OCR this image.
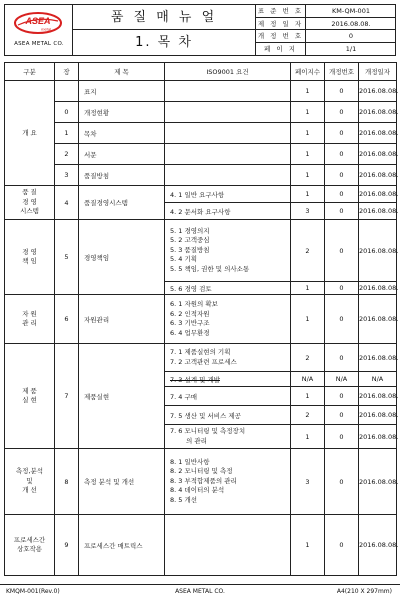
ASEA
metal
ASEA METAL CO.
품 질 매 뉴 얼
1. 목 차
표 준 번 호	KM-QM-001
제 정 일 자	2016.08.08.
개 정 번 호	0
페 이 지	1/1
구분	장	제 목	ISO9001 요건	페이지수	개정번호	개정일자
개 요		표지		1	0	2016.08.08.
	0	개정현황		1	0	2016.08.08.
	1	목차		1	0	2016.08.08.
	2	서문		1	0	2016.08.08.
	3	품질방침		1	0	2016.08.08.

품 질
경 영
시스템	4	품질경영시스템	4. 1 일반 요구사항	1	0	2016.08.08.
			4. 2 문서화 요구사항	3	0	2016.08.08.

경 영
책 임	5	경영책임	5. 1 경영의지
5. 2 고객중심
5. 3 품질방침
5. 4 기획
5. 5 책임, 권한 및 의사소통	2	0	2016.08.08.
			5. 6 경영 검토	1	0	2016.08.08.

자 원
관 리	6	자원관리	6. 1 자원의 확보
6. 2 인적자원
6. 3 기반구조
6. 4 업무환경	1	0	2016.08.08.

제 품
실 현	7	제품실현	7. 1 제품실현의 기획
7. 2 고객관련 프로세스	2	0	2016.08.08.
			7. 3 설계 및 개발	N/A	N/A	N/A
			7. 4 구매	1	0	2016.08.08.
			7. 5 생산 및 서비스 제공	2	0	2016.08.08.

			7. 6 모니터링 및 측정장치
의 관리	1	0	2016.08.08.

측정,분석
및
개 선	8	측정 분석 및 개선	8. 1 일반사항
8. 2 모니터링 및 측정
8. 3 부적합제품의 관리
8. 4 데이터의 분석
8. 5 개선	3	0	2016.08.08.

프로세스간
상호작용	9	프로세스간 매트릭스		1	0	2016.08.08.
KMQM-001(Rev.0)	ASEA METAL CO.	A4(210 X 297mm)
